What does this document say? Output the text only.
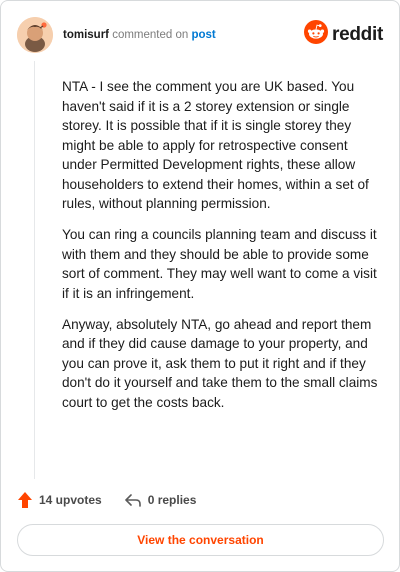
tomisurf commented on post	reddit

NTA - I see the comment you are UK based. You haven't said if it is a 2 storey extension or single storey. It is possible that if it is single storey they might be able to apply for retrospective consent under Permitted Development rights, these allow householders to extend their homes, within a set of rules, without planning permission.

You can ring a councils planning team and discuss it with them and they should be able to provide some sort of comment. They may well want to come a visit if it is an infringement.

Anyway, absolutely NTA, go ahead and report them and if they did cause damage to your property, and you can prove it, ask them to put it right and if they don't do it yourself and take them to the small claims court to get the costs back.

14 upvotes	0 replies
View the conversation
